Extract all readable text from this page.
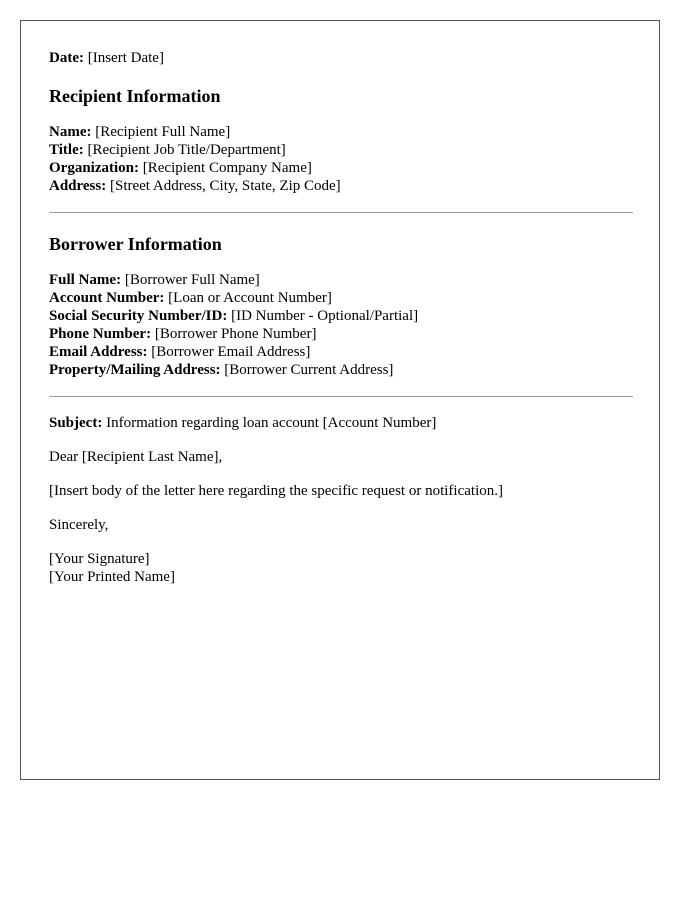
Date: [Insert Date]
Recipient Information
Name: [Recipient Full Name]
Title: [Recipient Job Title/Department]
Organization: [Recipient Company Name]
Address: [Street Address, City, State, Zip Code]
Borrower Information
Full Name: [Borrower Full Name]
Account Number: [Loan or Account Number]
Social Security Number/ID: [ID Number - Optional/Partial]
Phone Number: [Borrower Phone Number]
Email Address: [Borrower Email Address]
Property/Mailing Address: [Borrower Current Address]
Subject: Information regarding loan account [Account Number]
Dear [Recipient Last Name],
[Insert body of the letter here regarding the specific request or notification.]
Sincerely,
[Your Signature]
[Your Printed Name]
